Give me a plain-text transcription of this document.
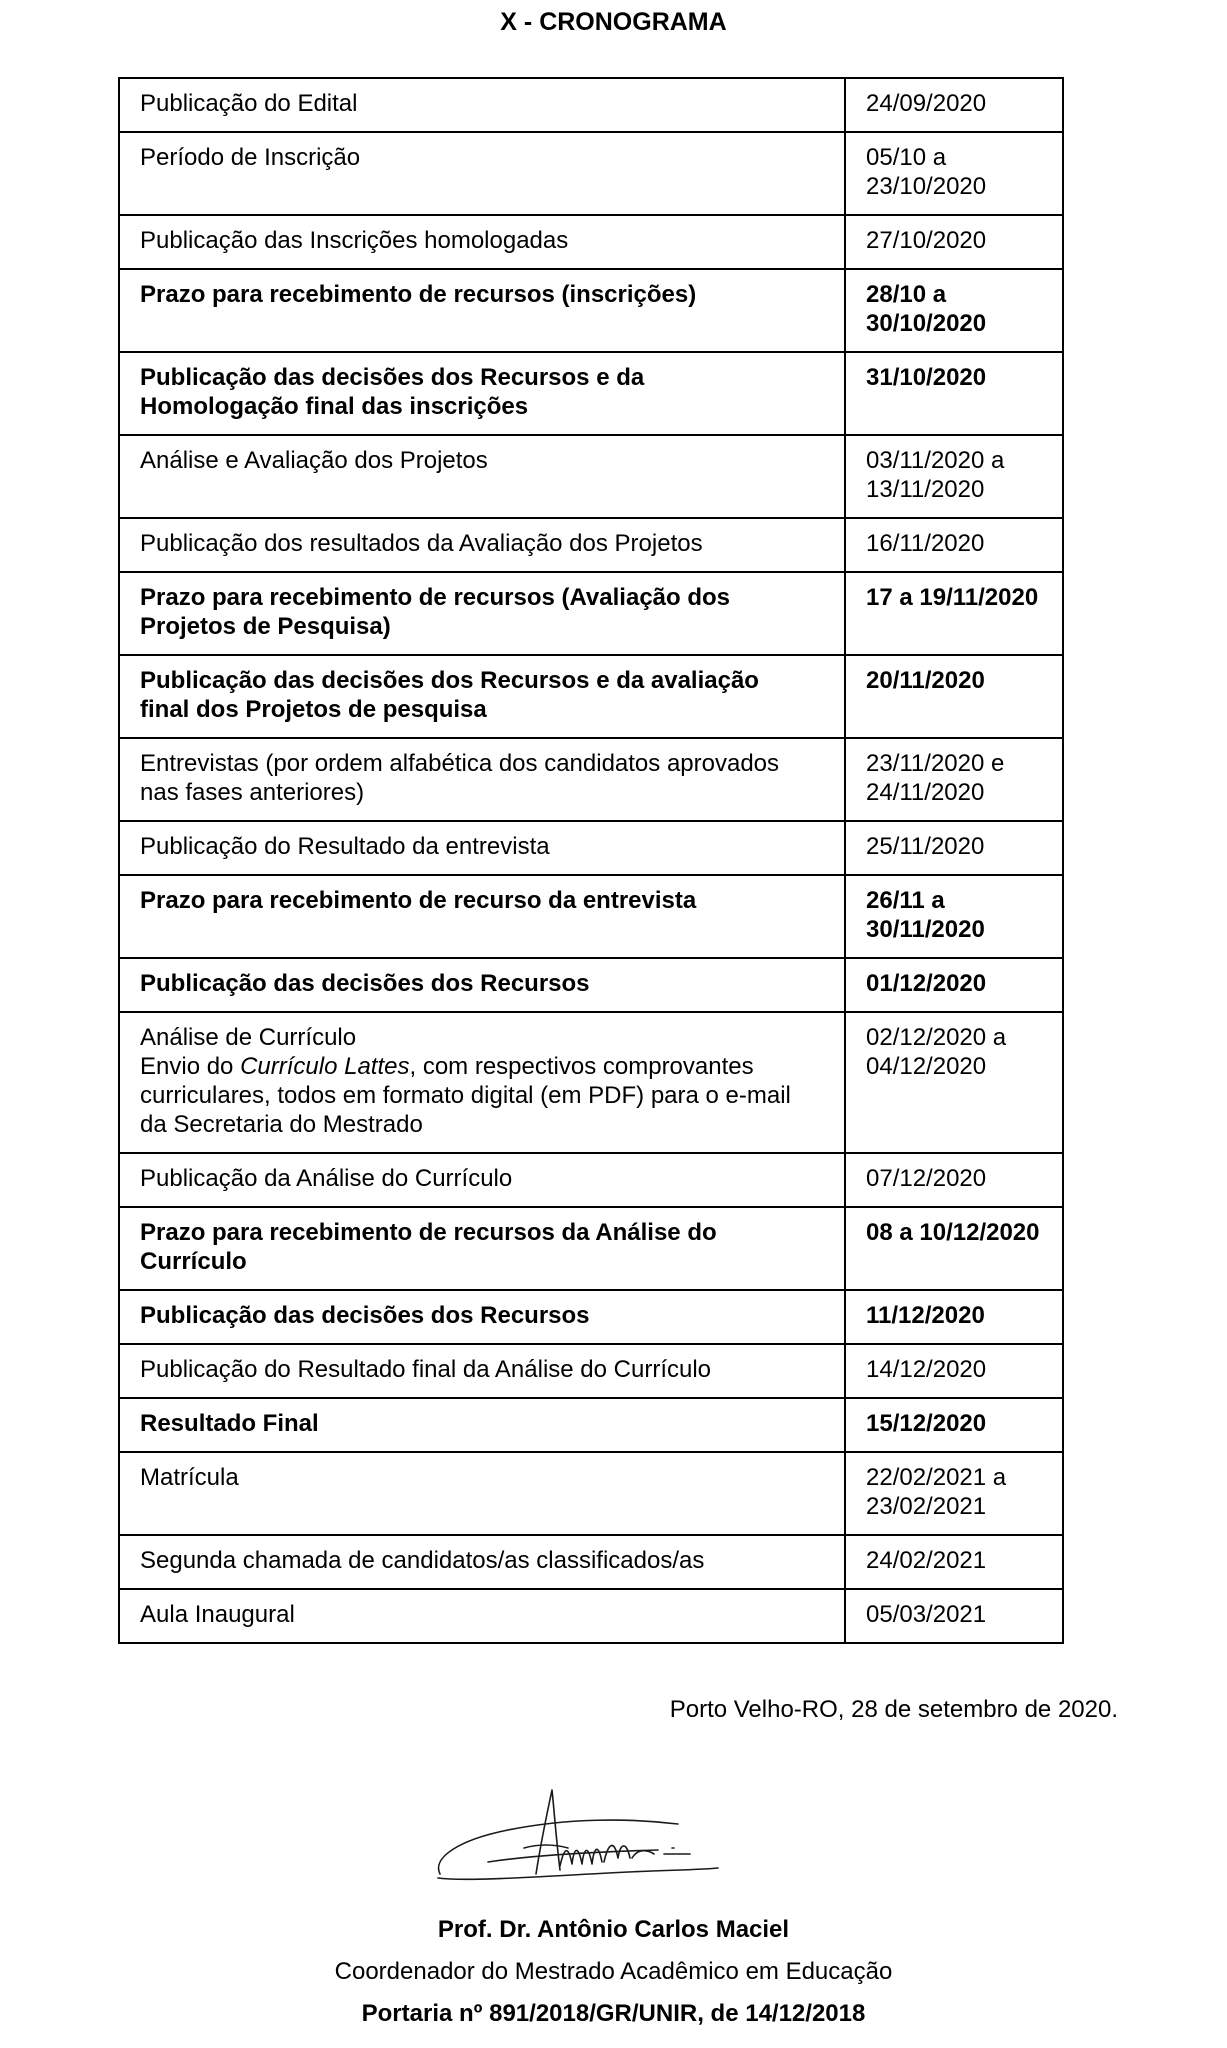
X - CRONOGRAMA
Publicação do Edital	24/09/2020
Período de Inscrição	05/10 a
23/10/2020
Publicação das Inscrições homologadas	27/10/2020
Prazo para recebimento de recursos (inscrições)	28/10 a
30/10/2020
Publicação das decisões dos Recursos e da
Homologação final das inscrições	31/10/2020
Análise e Avaliação dos Projetos	03/11/2020 a
13/11/2020
Publicação dos resultados da Avaliação dos Projetos	16/11/2020
Prazo para recebimento de recursos (Avaliação dos
Projetos de Pesquisa)	17 a 19/11/2020
Publicação das decisões dos Recursos e da avaliação
final dos Projetos de pesquisa	20/11/2020
Entrevistas (por ordem alfabética dos candidatos aprovados
nas fases anteriores)	23/11/2020 e
24/11/2020
Publicação do Resultado da entrevista	25/11/2020
Prazo para recebimento de recurso da entrevista	26/11 a
30/11/2020
Publicação das decisões dos Recursos	01/12/2020
Análise de Currículo
Envio do Currículo Lattes, com respectivos comprovantes
curriculares, todos em formato digital (em PDF) para o e-mail
da Secretaria do Mestrado	02/12/2020 a
04/12/2020
Publicação da Análise do Currículo	07/12/2020
Prazo para recebimento de recursos da Análise do
Currículo	08 a 10/12/2020
Publicação das decisões dos Recursos	11/12/2020
Publicação do Resultado final da Análise do Currículo	14/12/2020
Resultado Final	15/12/2020
Matrícula	22/02/2021 a
23/02/2021
Segunda chamada de candidatos/as classificados/as	24/02/2021
Aula Inaugural	05/03/2021
Porto Velho-RO, 28 de setembro de 2020.
Prof. Dr. Antônio Carlos Maciel
Coordenador do Mestrado Acadêmico em Educação
Portaria nº 891/2018/GR/UNIR, de 14/12/2018
